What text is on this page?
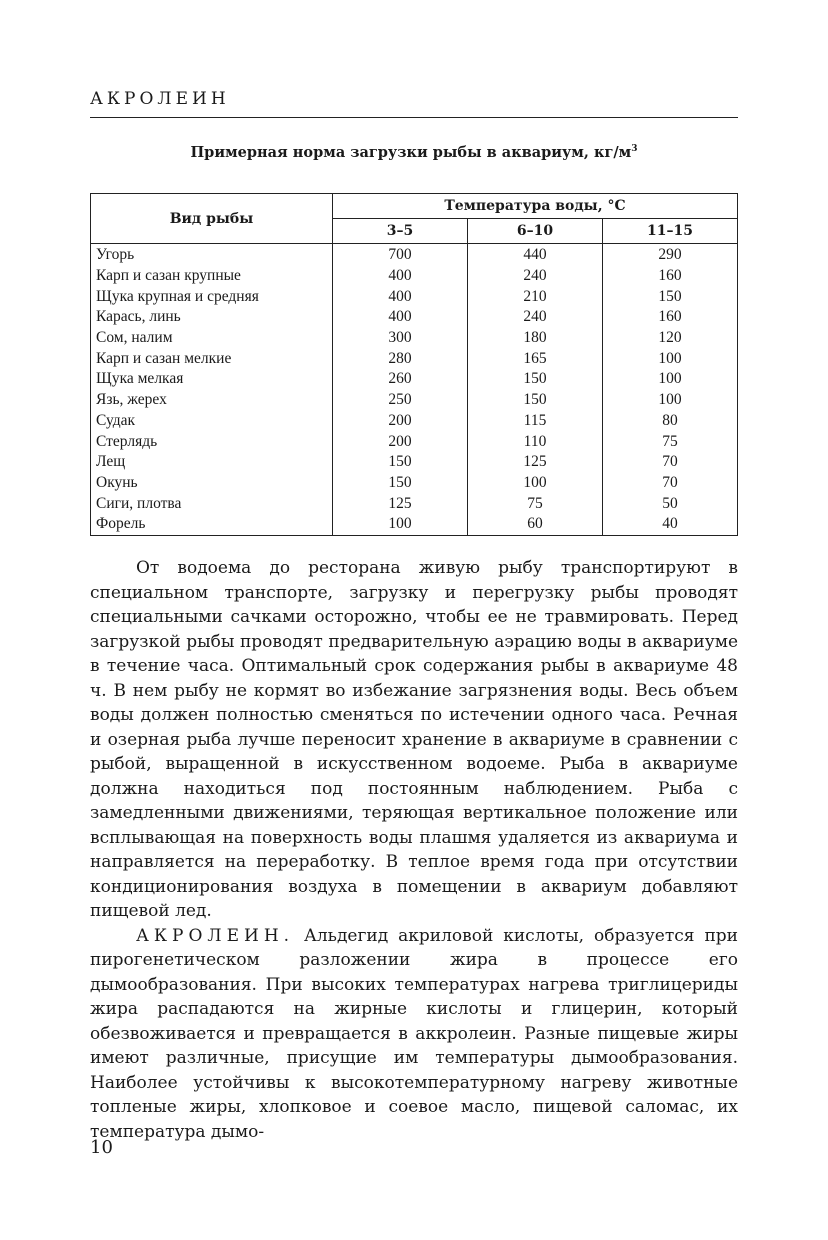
АКРОЛЕИН
Примерная норма загрузки рыбы в аквариум, $кг/м^3$
Вид рыбы	Температура воды, °С		
	3–5	6–10	11–15
Угорь	700	440	290
Карп и сазан крупные	400	240	160
Щука крупная и средняя	400	210	150
Карась, линь	400	240	160
Сом, налим	300	180	120
Карп и сазан мелкие	280	165	100
Щука мелкая	260	150	100
Язь, жерех	250	150	100
Судак	200	115	80
Стерлядь	200	110	75
Лещ	150	125	70
Окунь	150	100	70
Сиги, плотва	125	75	50
Форель	100	60	40

От водоема до ресторана живую рыбу транспортируют в специальном транспорте, загрузку и перегрузку рыбы проводят специальными сачками осторожно, чтобы ее не травмировать. Перед загрузкой рыбы проводят предварительную аэрацию воды в аквариуме в течение часа. Оптимальный срок содержания рыбы в аквариуме 48 ч. В нем рыбу не кормят во избежание загрязнения воды. Весь объем воды должен полностью сменяться по истечении одного часа. Речная и озерная рыба лучше переносит хранение в аквариуме в сравнении с рыбой, выращенной в искусственном водоеме. Рыба в аквариуме должна находиться под постоянным наблюдением. Рыба с замедленными движениями, теряющая вертикальное положение или всплывающая на поверхность воды плашмя удаляется из аквариума и направляется на переработку. В теплое время года при отсутствии кондиционирования воздуха в помещении в аквариум добавляют пищевой лед.

АКРОЛЕИН. Альдегид акриловой кислоты, образуется при пирогенетическом разложении жира в процессе его дымообразования. При высоких температурах нагрева триглицериды жира распадаются на жирные кислоты и глицерин, который обезвоживается и превращается в аккролеин. Разные пищевые жиры имеют различные, присущие им температуры дымообразования. Наиболее устойчивы к высокотемпературному нагреву животные топленые жиры, хлопковое и соевое масло, пищевой саломас, их температура дымо-

10
